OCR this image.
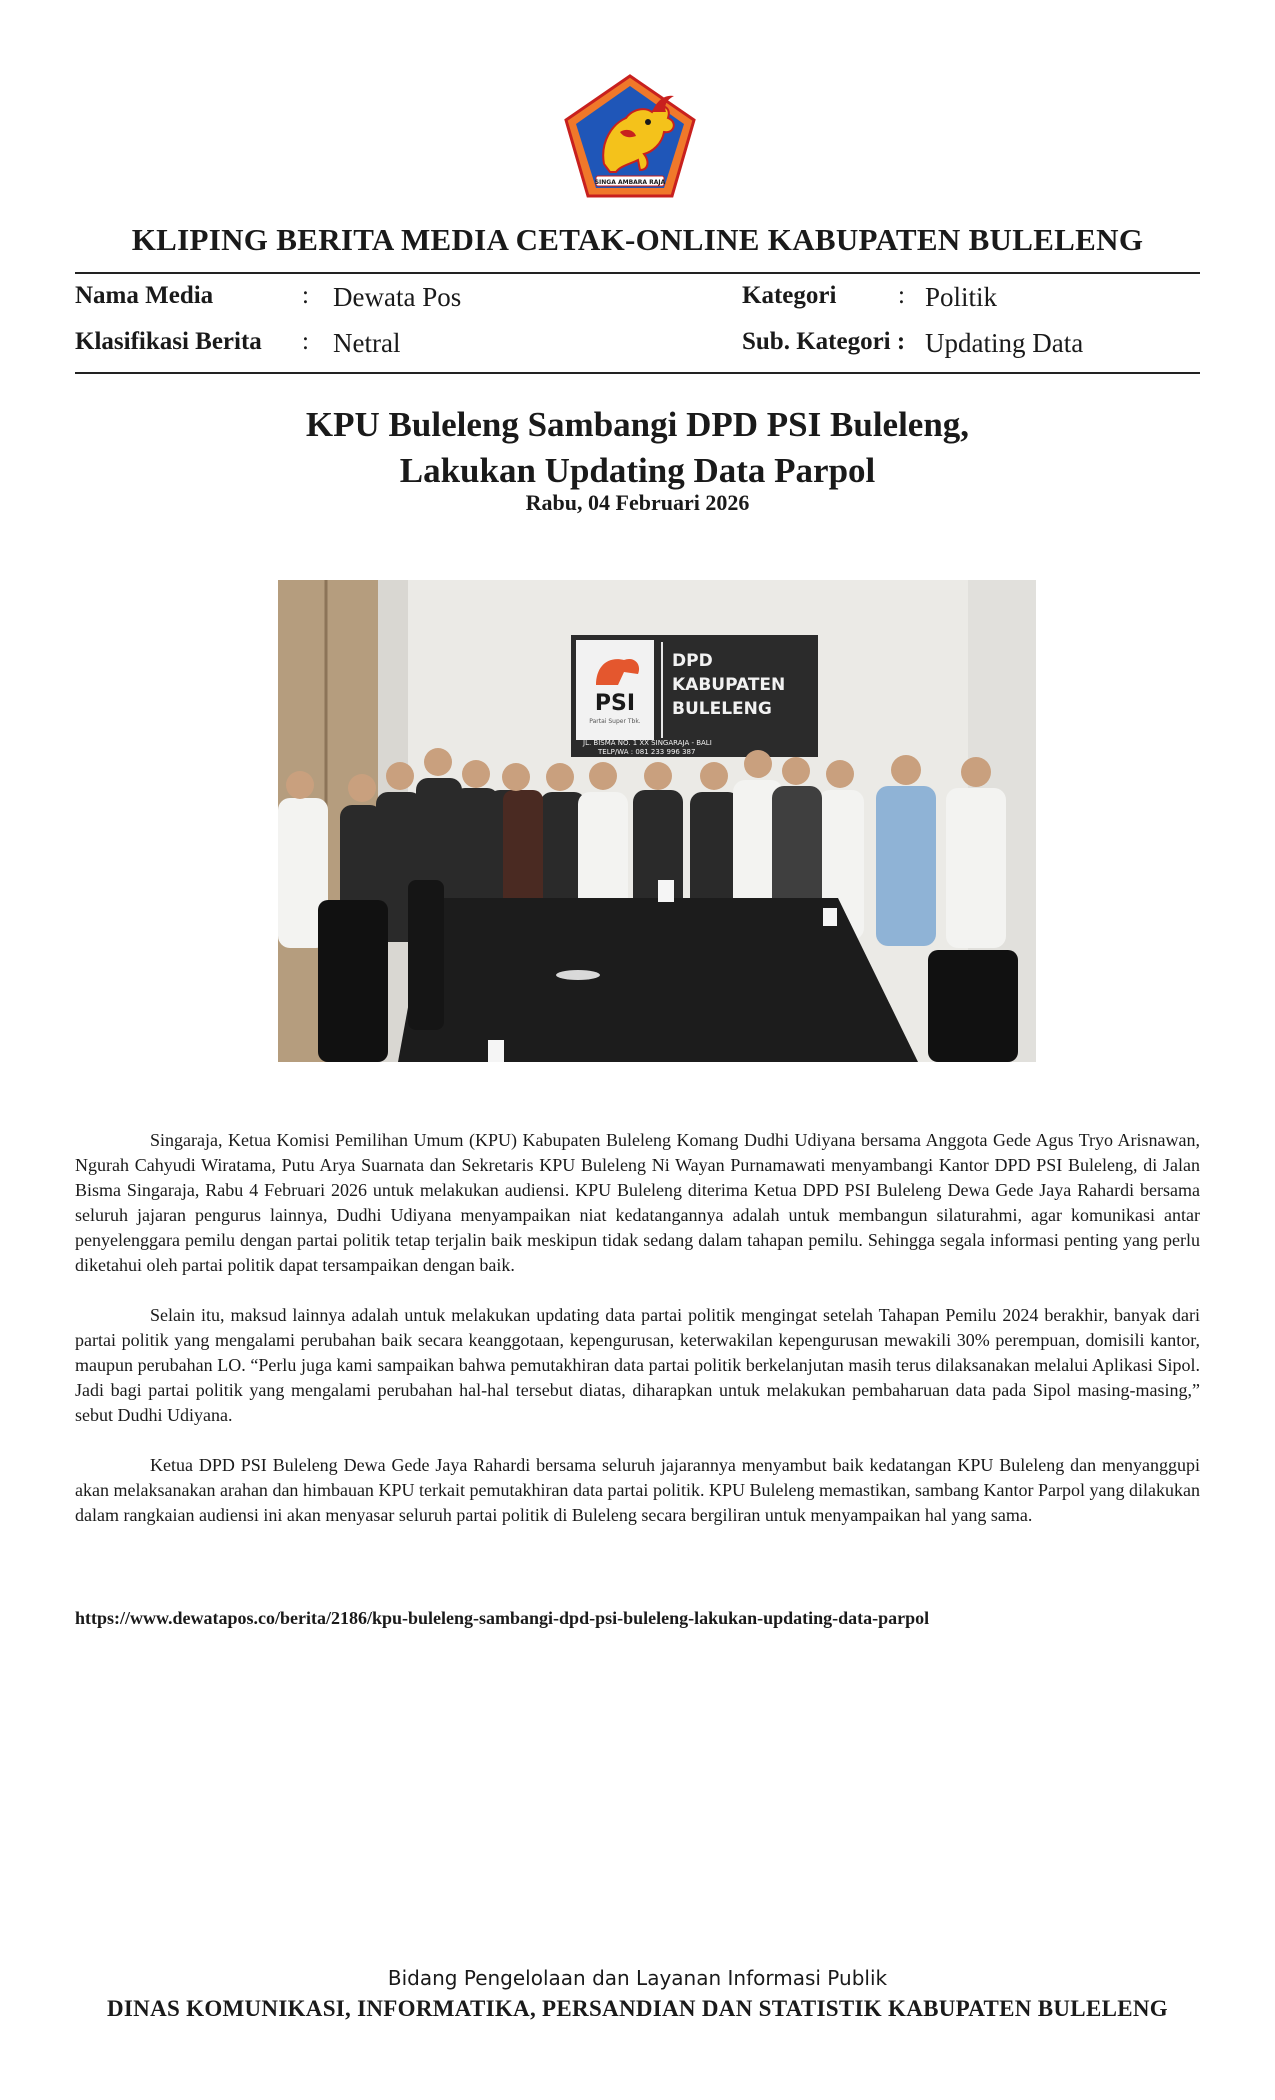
SINGA AMBARA RAJA
KLIPING BERITA MEDIA CETAK-ONLINE KABUPATEN BULELENG
Nama Media	: Dewata Pos
Klasifikasi Berita : Netral
Kategori : Politik
Sub. Kategori : Updating Data
KPU Buleleng Sambangi DPD PSI Buleleng,
Lakukan Updating Data Parpol
Rabu, 04 Februari 2026
PSI
Partai Super Tbk.
DPD
KABUPATEN
BULELENG
JL. BISMA NO. 1 XX SINGARAJA - BALI
TELP/WA : 081 233 996 387

Singaraja, Ketua Komisi Pemilihan Umum (KPU) Kabupaten Buleleng Komang Dudhi Udiyana bersama Anggota Gede Agus Tryo Arisnawan, Ngurah Cahyudi Wiratama, Putu Arya Suarnata dan Sekretaris KPU Buleleng Ni Wayan Purnamawati menyambangi Kantor DPD PSI Buleleng, di Jalan Bisma Singaraja, Rabu 4 Februari 2026 untuk melakukan audiensi. KPU Buleleng diterima Ketua DPD PSI Buleleng Dewa Gede Jaya Rahardi bersama seluruh jajaran pengurus lainnya, Dudhi Udiyana menyampaikan niat kedatangannya adalah untuk membangun silaturahmi, agar komunikasi antar penyelenggara pemilu dengan partai politik tetap terjalin baik meskipun tidak sedang dalam tahapan pemilu. Sehingga segala informasi penting yang perlu diketahui oleh partai politik dapat tersampaikan dengan baik.

Selain itu, maksud lainnya adalah untuk melakukan updating data partai politik mengingat setelah Tahapan Pemilu 2024 berakhir, banyak dari partai politik yang mengalami perubahan baik secara keanggotaan, kepengurusan, keterwakilan kepengurusan mewakili 30% perempuan, domisili kantor, maupun perubahan LO. “Perlu juga kami sampaikan bahwa pemutakhiran data partai politik berkelanjutan masih terus dilaksanakan melalui Aplikasi Sipol. Jadi bagi partai politik yang mengalami perubahan hal-hal tersebut diatas, diharapkan untuk melakukan pembaharuan data pada Sipol masing-masing,” sebut Dudhi Udiyana.

Ketua DPD PSI Buleleng Dewa Gede Jaya Rahardi bersama seluruh jajarannya menyambut baik kedatangan KPU Buleleng dan menyanggupi akan melaksanakan arahan dan himbauan KPU terkait pemutakhiran data partai politik. KPU Buleleng memastikan, sambang Kantor Parpol yang dilakukan dalam rangkaian audiensi ini akan menyasar seluruh partai politik di Buleleng secara bergiliran untuk menyampaikan hal yang sama.

https://www.dewatapos.co/berita/2186/kpu-buleleng-sambangi-dpd-psi-buleleng-lakukan-updating-data-parpol
Bidang Pengelolaan dan Layanan Informasi Publik
DINAS KOMUNIKASI, INFORMATIKA, PERSANDIAN DAN STATISTIK KABUPATEN BULELENG
